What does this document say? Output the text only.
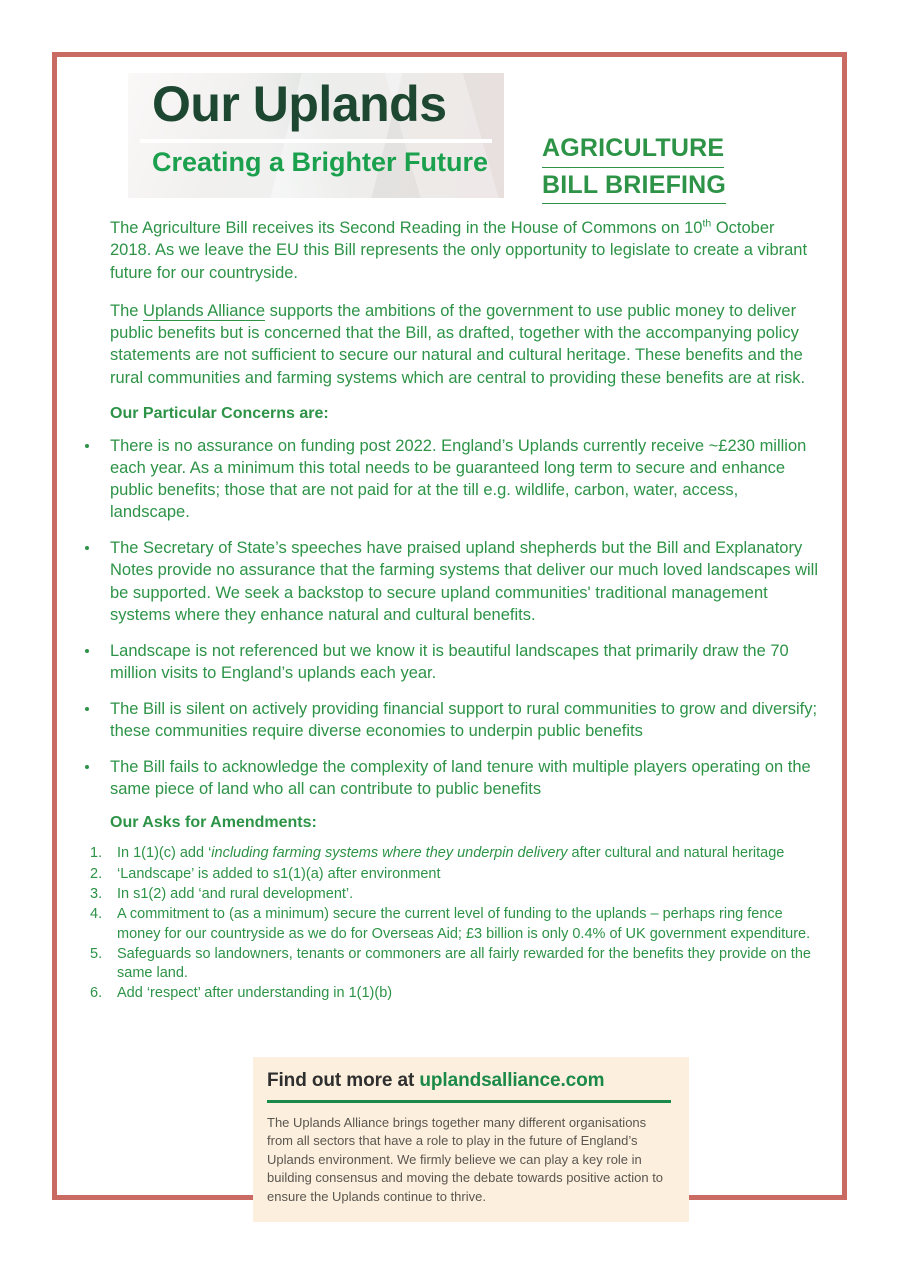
Our Uplands
Creating a Brighter Future AGRICULTURE
BILL BRIEFING

The Agriculture Bill receives its Second Reading in the House of Commons on 10th October 2018. As we leave the EU this Bill represents the only opportunity to legislate to create a vibrant future for our countryside.

The Uplands Alliance supports the ambitions of the government to use public money to deliver public benefits but is concerned that the Bill, as drafted, together with the accompanying policy statements are not sufficient to secure our natural and cultural heritage. These benefits and the rural communities and farming systems which are central to providing these benefits are at risk.

Our Particular Concerns are:
There is no assurance on funding post 2022. England’s Uplands currently receive ~£230 million each year. As a minimum this total needs to be guaranteed long term to secure and enhance public benefits; those that are not paid for at the till e.g. wildlife, carbon, water, access, landscape.
The Secretary of State’s speeches have praised upland shepherds but the Bill and Explanatory Notes provide no assurance that the farming systems that deliver our much loved landscapes will be supported. We seek a backstop to secure upland communities' traditional management systems where they enhance natural and cultural benefits.
Landscape is not referenced but we know it is beautiful landscapes that primarily draw the 70 million visits to England’s uplands each year.
The Bill is silent on actively providing financial support to rural communities to grow and diversify; these communities require diverse economies to underpin public benefits
The Bill fails to acknowledge the complexity of land tenure with multiple players operating on the same piece of land who all can contribute to public benefits
Our Asks for Amendments:
In 1(1)(c) add ‘including farming systems where they underpin delivery after cultural and natural heritage
‘Landscape’ is added to s1(1)(a) after environment
In s1(2) add ‘and rural development’.
A commitment to (as a minimum) secure the current level of funding to the uplands – perhaps ring fence money for our countryside as we do for Overseas Aid; £3 billion is only 0.4% of UK government expenditure.
Safeguards so landowners, tenants or commoners are all fairly rewarded for the benefits they provide on the same land.
Add ‘respect’ after understanding in 1(1)(b)
Find out more at uplandsalliance.com
The Uplands Alliance brings together many different organisations from all sectors that have a role to play in the future of England’s Uplands environment. We firmly believe we can play a key role in building consensus and moving the debate towards positive action to ensure the Uplands continue to thrive.
